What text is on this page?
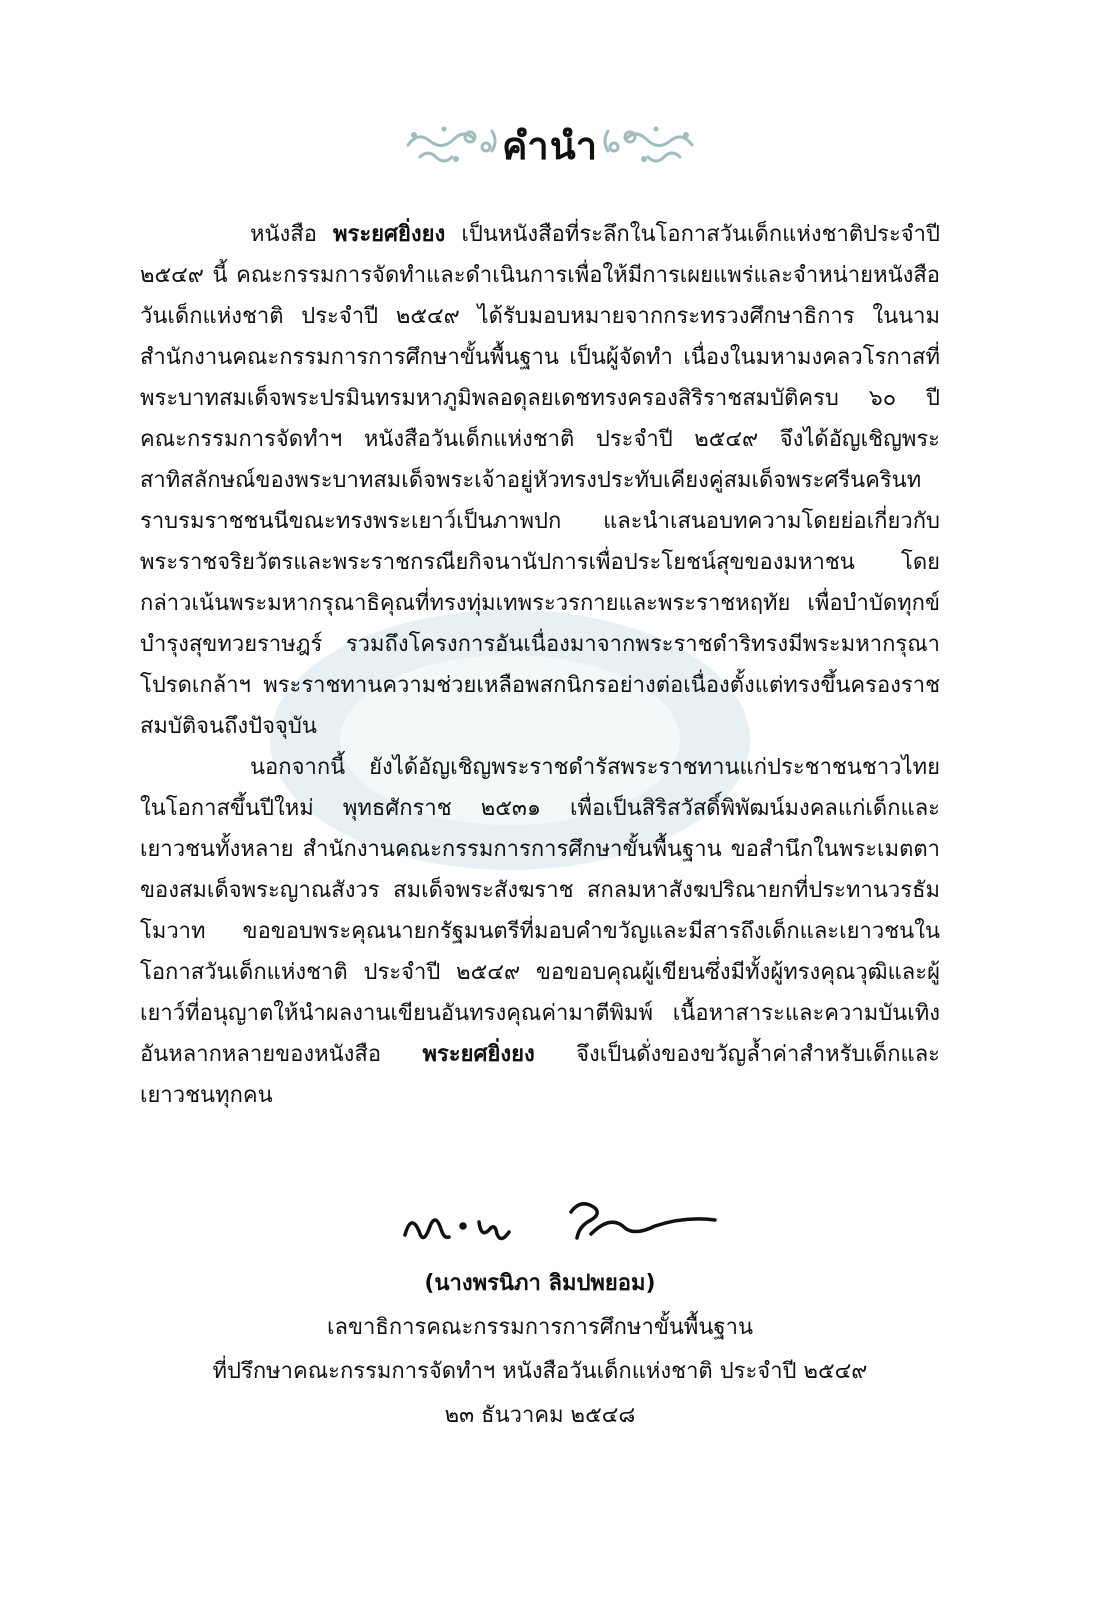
คำนำ

หนังสือ พระยศยิ่งยง เป็นหนังสือที่ระลึกในโอกาสวันเด็กแห่งชาติประจำปี ๒๕๔๙ นี้ คณะกรรมการจัดทำและดำเนินการเพื่อให้มีการเผยแพร่และจำหน่ายหนังสือวันเด็กแห่งชาติ ประจำปี ๒๕๔๙ ได้รับมอบหมายจากกระทรวงศึกษาธิการ ในนามสำนักงานคณะกรรมการการศึกษาขั้นพื้นฐาน เป็นผู้จัดทำ เนื่องในมหามงคลวโรกาสที่พระบาทสมเด็จพระปรมินทรมหาภูมิพลอดุลยเดชทรงครองสิริราชสมบัติครบ ๖๐ ปี คณะกรรมการจัดทำฯ หนังสือวันเด็กแห่งชาติ ประจำปี ๒๕๔๙ จึงได้อัญเชิญพระสาทิสลักษณ์ของพระบาทสมเด็จพระเจ้าอยู่หัวทรงประทับเคียงคู่สมเด็จพระศรีนครินทราบรมราชชนนีขณะทรงพระเยาว์เป็นภาพปก และนำเสนอบทความโดยย่อเกี่ยวกับพระราชจริยวัตรและพระราชกรณียกิจนานัปการเพื่อประโยชน์สุขของมหาชน โดยกล่าวเน้นพระมหากรุณาธิคุณที่ทรงทุ่มเทพระวรกายและพระราชหฤทัย เพื่อบำบัดทุกข์บำรุงสุขทวยราษฎร์ รวมถึงโครงการอันเนื่องมาจากพระราชดำริทรงมีพระมหากรุณาโปรดเกล้าฯ พระราชทานความช่วยเหลือพสกนิกรอย่างต่อเนื่องตั้งแต่ทรงขึ้นครองราชสมบัติจนถึงปัจจุบัน

นอกจากนี้ ยังได้อัญเชิญพระราชดำรัสพระราชทานแก่ประชาชนชาวไทยในโอกาสขึ้นปีใหม่ พุทธศักราช ๒๕๓๑ เพื่อเป็นสิริสวัสดิ์พิพัฒน์มงคลแก่เด็กและเยาวชนทั้งหลาย สำนักงานคณะกรรมการการศึกษาขั้นพื้นฐาน ขอสำนึกในพระเมตตาของสมเด็จพระญาณสังวร สมเด็จพระสังฆราช สกลมหาสังฆปริณายกที่ประทานวรธัมโมวาท ขอขอบพระคุณนายกรัฐมนตรีที่มอบคำขวัญและมีสารถึงเด็กและเยาวชนในโอกาสวันเด็กแห่งชาติ ประจำปี ๒๕๔๙ ขอขอบคุณผู้เขียนซึ่งมีทั้งผู้ทรงคุณวุฒิและผู้เยาว์ที่อนุญาตให้นำผลงานเขียนอันทรงคุณค่ามาตีพิมพ์ เนื้อหาสาระและความบันเทิงอันหลากหลายของหนังสือ พระยศยิ่งยง จึงเป็นดั่งของขวัญล้ำค่าสำหรับเด็กและเยาวชนทุกคน

(นางพรนิภา ลิมปพยอม)
เลขาธิการคณะกรรมการการศึกษาขั้นพื้นฐาน
ที่ปรึกษาคณะกรรมการจัดทำฯ หนังสือวันเด็กแห่งชาติ ประจำปี ๒๕๔๙
๒๓ ธันวาคม ๒๕๔๘
